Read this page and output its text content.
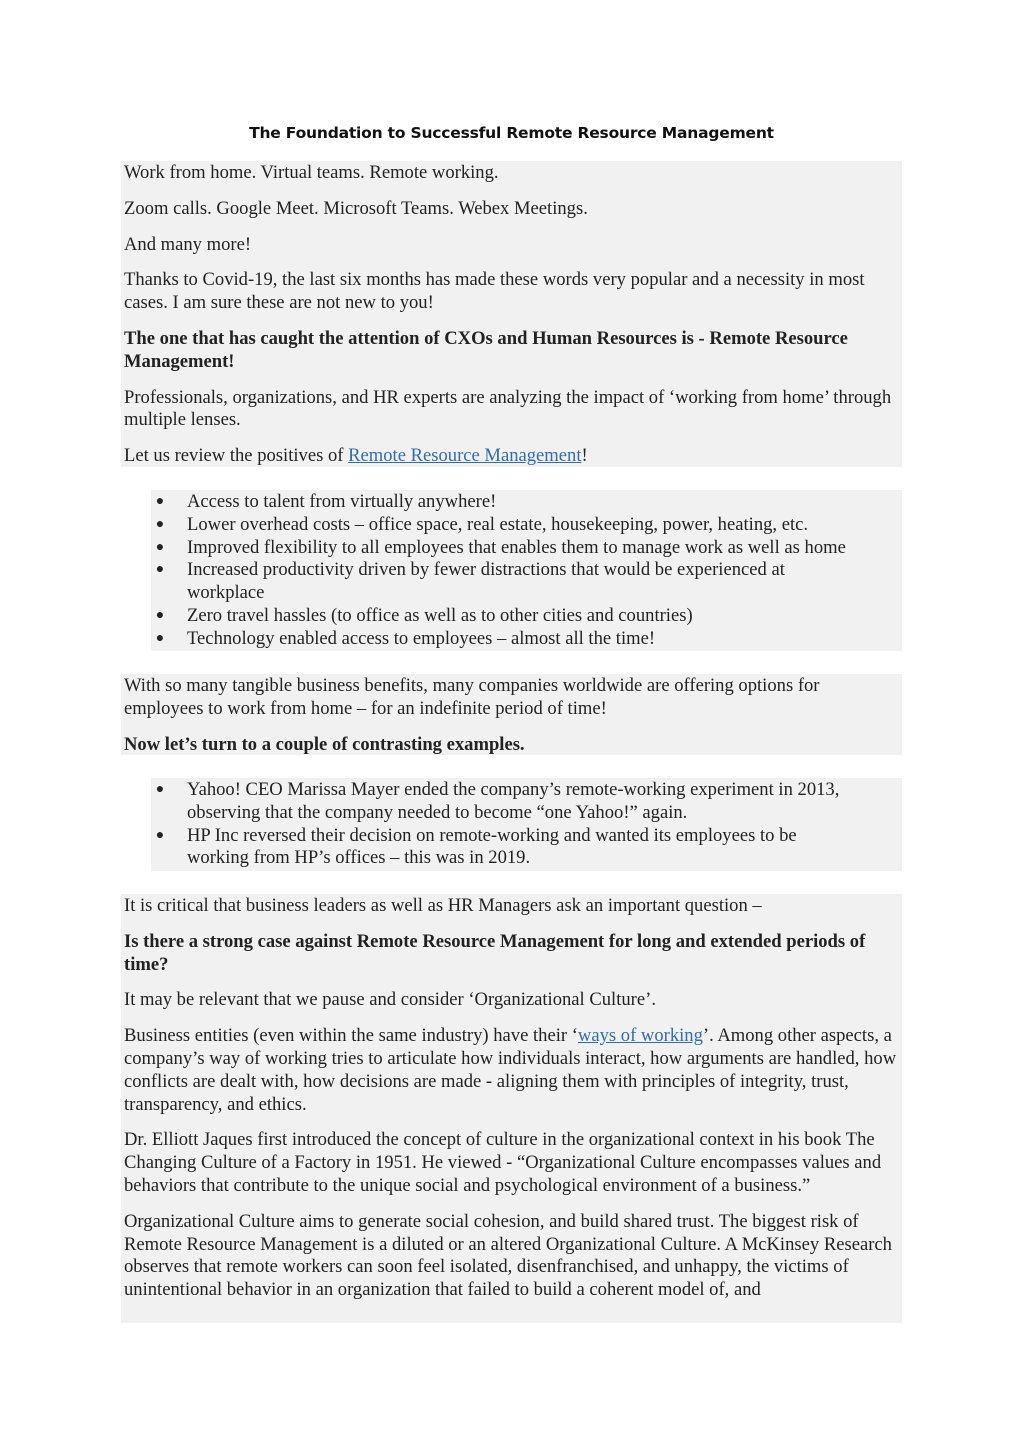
The Foundation to Successful Remote Resource Management

Work from home. Virtual teams. Remote working.

Zoom calls. Google Meet. Microsoft Teams. Webex Meetings.

And many more!

Thanks to Covid-19, the last six months has made these words very popular and a necessity in most cases. I am sure these are not new to you!

The one that has caught the attention of CXOs and Human Resources is - Remote Resource Management!

Professionals, organizations, and HR experts are analyzing the impact of ‘working from home’ through multiple lenses.

Let us review the positives of Remote Resource Management!

● Access to talent from virtually anywhere!
● Lower overhead costs – office space, real estate, housekeeping, power, heating, etc.
● Improved flexibility to all employees that enables them to manage work as well as home
● Increased productivity driven by fewer distractions that would be experienced at workplace
● Zero travel hassles (to office as well as to other cities and countries)
● Technology enabled access to employees – almost all the time!

With so many tangible business benefits, many companies worldwide are offering options for employees to work from home – for an indefinite period of time!

Now let’s turn to a couple of contrasting examples.

● Yahoo! CEO Marissa Mayer ended the company’s remote-working experiment in 2013, observing that the company needed to become “one Yahoo!” again.
● HP Inc reversed their decision on remote-working and wanted its employees to be working from HP’s offices – this was in 2019.

It is critical that business leaders as well as HR Managers ask an important question –

Is there a strong case against Remote Resource Management for long and extended periods of time?

It may be relevant that we pause and consider ‘Organizational Culture’.

Business entities (even within the same industry) have their ‘ways of working’. Among other aspects, a company’s way of working tries to articulate how individuals interact, how arguments are handled, how conflicts are dealt with, how decisions are made - aligning them with principles of integrity, trust, transparency, and ethics.

Dr. Elliott Jaques first introduced the concept of culture in the organizational context in his book The Changing Culture of a Factory in 1951. He viewed - “Organizational Culture encompasses values and behaviors that contribute to the unique social and psychological environment of a business.”

Organizational Culture aims to generate social cohesion, and build shared trust. The biggest risk of Remote Resource Management is a diluted or an altered Organizational Culture. A McKinsey Research observes that remote workers can soon feel isolated, disenfranchised, and unhappy, the victims of unintentional behavior in an organization that failed to build a coherent model of, and
